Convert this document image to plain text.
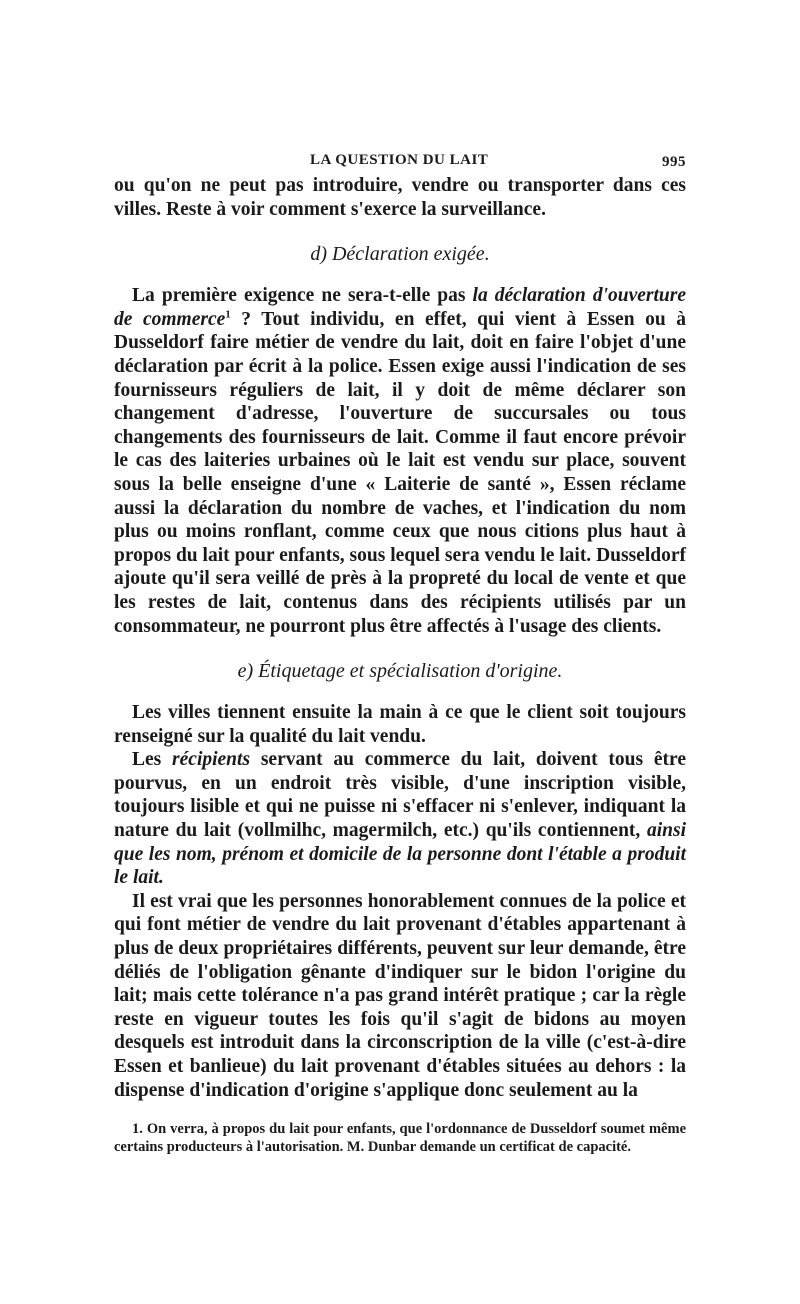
LA QUESTION DU LAIT	995

ou qu'on ne peut pas introduire, vendre ou transporter dans ces villes. Reste à voir comment s'exerce la surveillance.

d) Déclaration exigée.

La première exigence ne sera-t-elle pas la déclaration d'ouverture de commerce$^1$ ? Tout individu, en effet, qui vient à Essen ou à Dusseldorf faire métier de vendre du lait, doit en faire l'objet d'une déclaration par écrit à la police. Essen exige aussi l'indication de ses fournisseurs réguliers de lait, il y doit de même déclarer son changement d'adresse, l'ouverture de succursales ou tous changements des fournisseurs de lait. Comme il faut encore prévoir le cas des laiteries urbaines où le lait est vendu sur place, souvent sous la belle enseigne d'une « Laiterie de santé », Essen réclame aussi la déclaration du nombre de vaches, et l'indication du nom plus ou moins ronflant, comme ceux que nous citions plus haut à propos du lait pour enfants, sous lequel sera vendu le lait. Dusseldorf ajoute qu'il sera veillé de près à la propreté du local de vente et que les restes de lait, contenus dans des récipients utilisés par un consommateur, ne pourront plus être affectés à l'usage des clients.

e) Étiquetage et spécialisation d'origine.

Les villes tiennent ensuite la main à ce que le client soit toujours renseigné sur la qualité du lait vendu.

Les récipients servant au commerce du lait, doivent tous être pourvus, en un endroit très visible, d'une inscription visible, toujours lisible et qui ne puisse ni s'effacer ni s'enlever, indiquant la nature du lait (vollmilhc, magermilch, etc.) qu'ils contiennent, ainsi que les nom, prénom et domicile de la personne dont l'étable a produit le lait.

Il est vrai que les personnes honorablement connues de la police et qui font métier de vendre du lait provenant d'étables appartenant à plus de deux propriétaires différents, peuvent sur leur demande, être déliés de l'obligation gênante d'indiquer sur le bidon l'origine du lait; mais cette tolérance n'a pas grand intérêt pratique ; car la règle reste en vigueur toutes les fois qu'il s'agit de bidons au moyen desquels est introduit dans la circonscription de la ville (c'est-à-dire Essen et banlieue) du lait provenant d'étables situées au dehors : la dispense d'indication d'origine s'applique donc seulement au la

1. On verra, à propos du lait pour enfants, que l'ordonnance de Dusseldorf soumet même certains producteurs à l'autorisation. M. Dunbar demande un certificat de capacité.
